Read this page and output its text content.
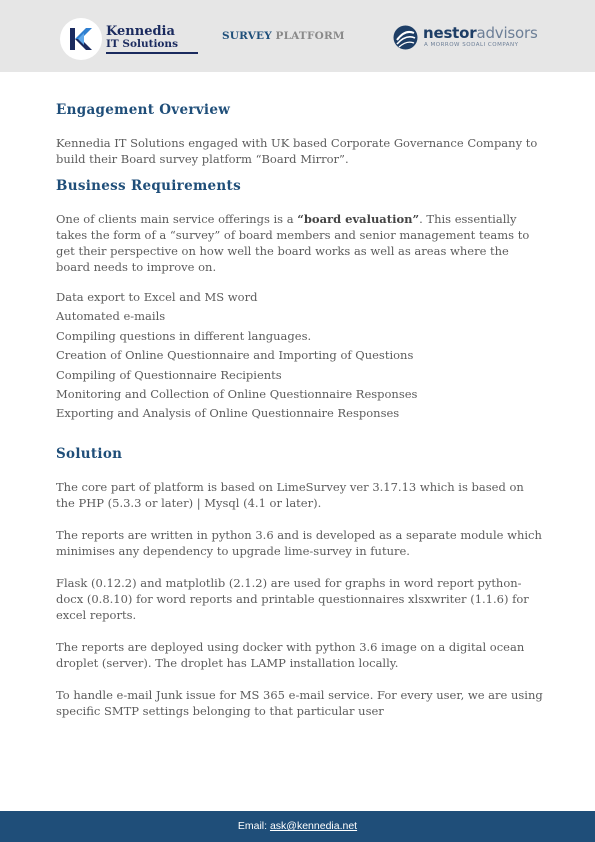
Kennedia
IT Solutions
SURVEY PLATFORM	nestoradvisors
A MORROW SODALI COMPANY
Engagement Overview

Kennedia IT Solutions engaged with UK based Corporate Governance Company to build their Board survey platform “Board Mirror”.

Business Requirements

One of clients main service offerings is a “board evaluation”. This essentially takes the form of a “survey” of board members and senior management teams to get their perspective on how well the board works as well as areas where the board needs to improve on.

Data export to Excel and MS word
Automated e-mails
Compiling questions in different languages.
Creation of Online Questionnaire and Importing of Questions
Compiling of Questionnaire Recipients
Monitoring and Collection of Online Questionnaire Responses
Exporting and Analysis of Online Questionnaire Responses
Solution

The core part of platform is based on LimeSurvey ver 3.17.13 which is based on the PHP (5.3.3 or later) | Mysql (4.1 or later).

The reports are written in python 3.6 and is developed as a separate module which minimises any dependency to upgrade lime-survey in future.

Flask (0.12.2) and matplotlib (2.1.2) are used for graphs in word report python-docx (0.8.10) for word reports and printable questionnaires xlsxwriter (1.1.6) for excel reports.

The reports are deployed using docker with python 3.6 image on a digital ocean droplet (server). The droplet has LAMP installation locally.

To handle e-mail Junk issue for MS 365 e-mail service. For every user, we are using specific SMTP settings belonging to that particular user

Email: ask@kennedia.net
